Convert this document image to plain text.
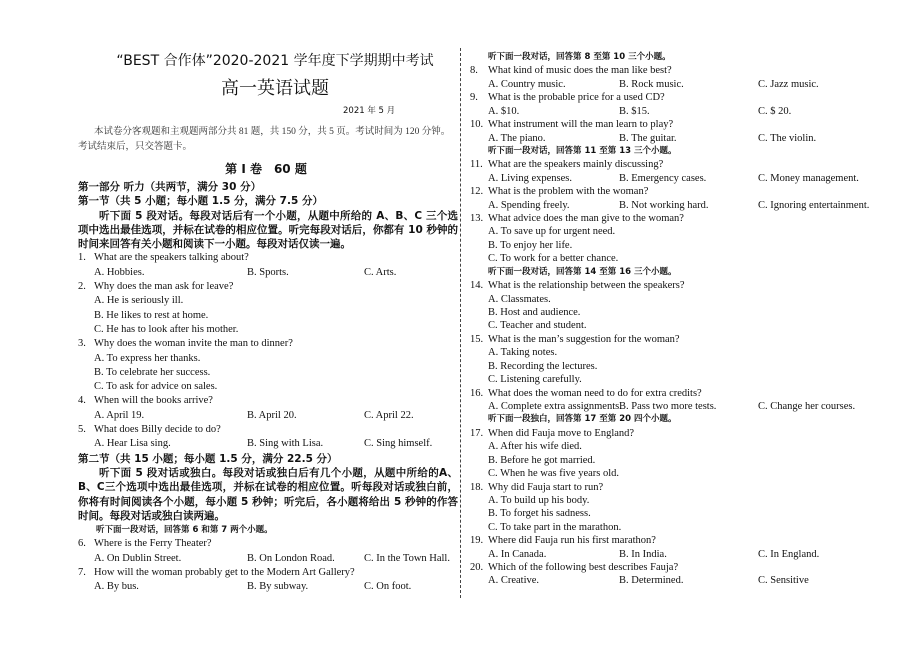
“BEST 合作体”2020-2021 学年度下学期期中考试
高一英语试题
2021 年 5 月
本试卷分客观题和主观题两部分共 81 题，共 150 分，共 5 页。考试时间为 120 分钟。考试结束后，只交答题卡。
第 I 卷　60 题
第一部分 听力（共两节，满分 30 分）
第一节（共 5 小题；每小题 1.5 分，满分 7.5 分）
听下面 5 段对话。每段对话后有一个小题，从题中所给的 A、B、C 三个选项中选出最佳选项，并标在试卷的相应位置。听完每段对话后，你都有 10 秒钟的时间来回答有关小题和阅读下一小题。每段对话仅读一遍。
1. What are the speakers talking about?
A. Hobbies.	B. Sports.	C. Arts.
2. Why does the man ask for leave?
A. He is seriously ill.
B. He likes to rest at home.
C. He has to look after his mother.
3. Why does the woman invite the man to dinner?
A. To express her thanks.
B. To celebrate her success.
C. To ask for advice on sales.
4. When will the books arrive?
A. April 19.	B. April 20.	C. April 22.
5. What does Billy decide to do?
A. Hear Lisa sing.	B. Sing with Lisa.	C. Sing himself.
第二节（共 15 小题；每小题 1.5 分，满分 22.5 分）
听下面 5 段对话或独白。每段对话或独白后有几个小题，从题中所给的A、B、C三个选项中选出最佳选项，并标在试卷的相应位置。听每段对话或独白前，你将有时间阅读各个小题，每小题 5 秒钟；听完后，各小题将给出 5 秒钟的作答时间。每段对话或独白读两遍。
听下面一段对话，回答第 6 和第 7 两个小题。
6. Where is the Ferry Theater?
A. On Dublin Street.	B. On London Road.	C. In the Town Hall.
7. How will the woman probably get to the Modern Art Gallery?
A. By bus.	B. By subway.	C. On foot.
听下面一段对话，回答第 8 至第 10 三个小题。
8. What kind of music does the man like best?
A. Country music.	B. Rock music.	C. Jazz music.
9. What is the probable price for a used CD?
A. $10.	B. $15.	C. $ 20.
10. What instrument will the man learn to play?
A. The piano.	B. The guitar.	C. The violin.
听下面一段对话，回答第 11 至第 13 三个小题。
11. What are the speakers mainly discussing?
A. Living expenses.	B. Emergency cases.	C. Money management.
12. What is the problem with the woman?
A. Spending freely.	B. Not working hard.	C. Ignoring entertainment.
13. What advice does the man give to the woman?
A. To save up for urgent need.
B. To enjoy her life.
C. To work for a better chance.
听下面一段对话，回答第 14 至第 16 三个小题。
14. What is the relationship between the speakers?
A. Classmates.
B. Host and audience.
C. Teacher and student.
15. What is the man’s suggestion for the woman?
A. Taking notes.
B. Recording the lectures.
C. Listening carefully.
16. What does the woman need to do for extra credits?
A. Complete extra assignments.
B. Pass two more tests.	C. Change her courses.
听下面一段独白，回答第 17 至第 20 四个小题。
17. When did Fauja move to England?
A. After his wife died.
B. Before he got married.
C. When he was five years old.
18. Why did Fauja start to run?
A. To build up his body.
B. To forget his sadness.
C. To take part in the marathon.
19. Where did Fauja run his first marathon?
A. In Canada.	B. In India.	C. In England.
20. Which of the following best describes Fauja?
A. Creative.	B. Determined.	C. Sensitive
